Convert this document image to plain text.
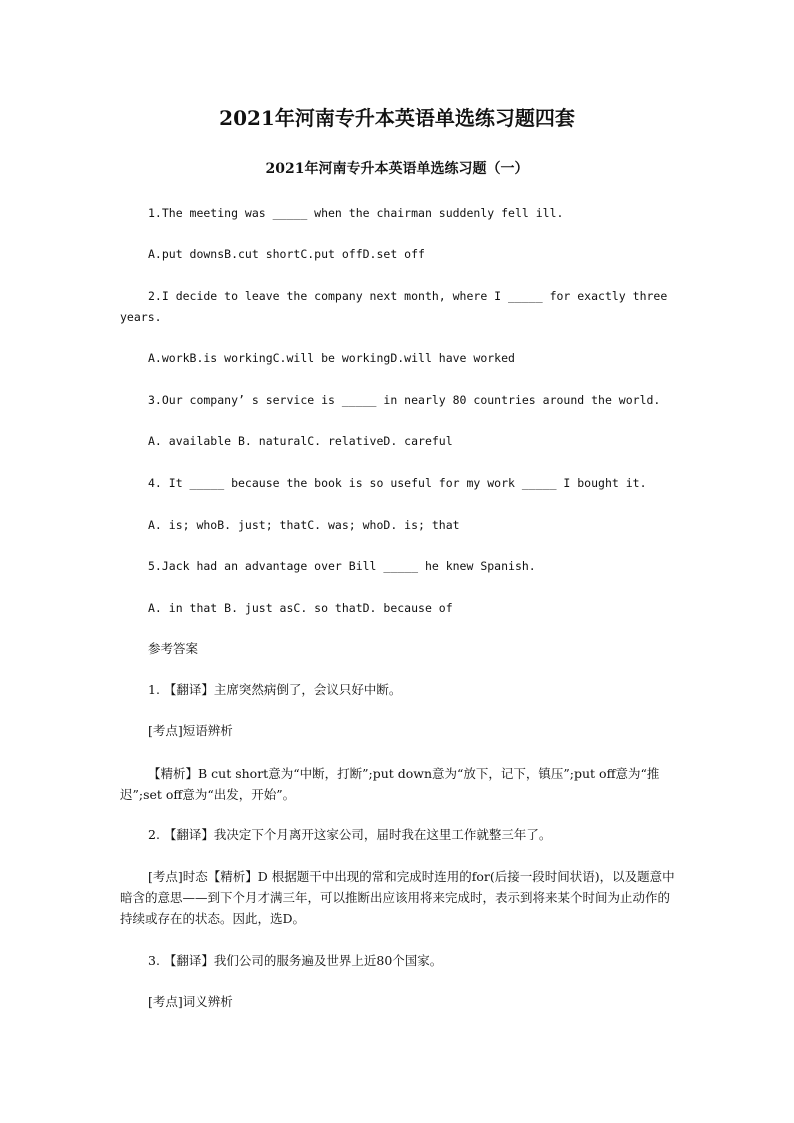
2021年河南专升本英语单选练习题四套
2021年河南专升本英语单选练习题（一）
1.The meeting was _____ when the chairman suddenly fell ill.
A.put downsB.cut shortC.put offD.set off
2.I decide to leave the company next month, where I _____ for exactly three years.
A.workB.is workingC.will be workingD.will have worked
3.Our company’ s service is _____ in nearly 80 countries around the world.
A. available B. naturalC. relativeD. careful
4. It _____ because the book is so useful for my work _____ I bought it.
A. is; whoB. just; thatC. was; whoD. is; that
5.Jack had an advantage over Bill _____ he knew Spanish.
A. in that B. just asC. so thatD. because of
参考答案
1. 【翻译】主席突然病倒了，会议只好中断。
[考点]短语辨析
【精析】B cut short意为“中断，打断”;put down意为“放下，记下，镇压”;put off意为“推迟”;set off意为“出发，开始”。
2. 【翻译】我决定下个月离开这家公司，届时我在这里工作就整三年了。
[考点]时态【精析】D 根据题干中出现的常和完成时连用的for(后接一段时间状语)，以及题意中暗含的意思——到下个月才满三年，可以推断出应该用将来完成时，表示到将来某个时间为止动作的持续或存在的状态。因此，选D。
3. 【翻译】我们公司的服务遍及世界上近80个国家。
[考点]词义辨析
